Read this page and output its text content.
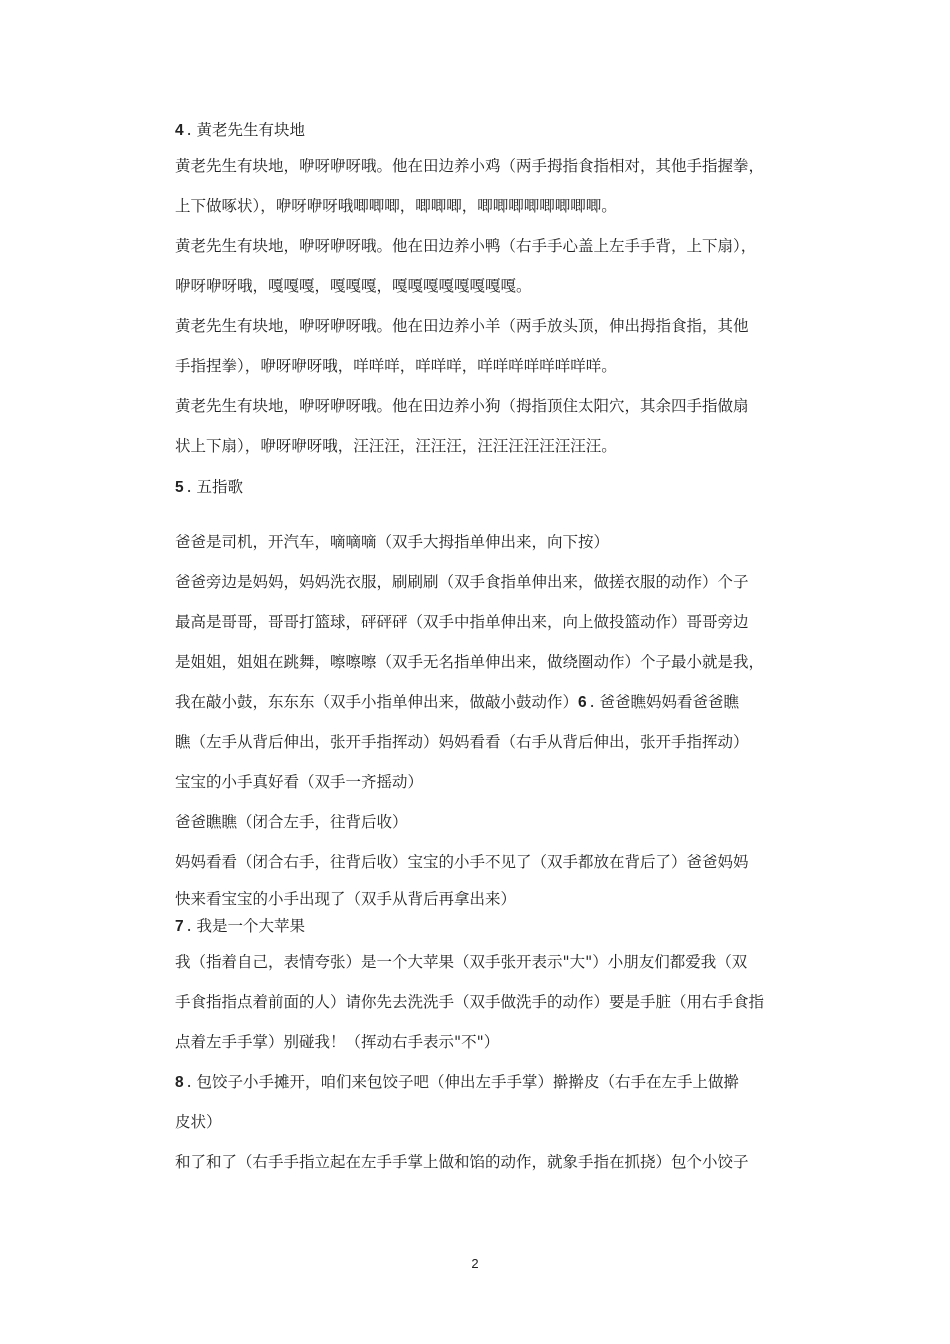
4 . 黄老先生有块地
黄老先生有块地，咿呀咿呀哦。他在田边养小鸡（两手拇指食指相对，其他手指握拳，
上下做啄状），咿呀咿呀哦唧唧唧，唧唧唧，唧唧唧唧唧唧唧唧。
黄老先生有块地，咿呀咿呀哦。他在田边养小鸭（右手手心盖上左手手背，上下扇），
咿呀咿呀哦，嘎嘎嘎，嘎嘎嘎，嘎嘎嘎嘎嘎嘎嘎嘎。
黄老先生有块地，咿呀咿呀哦。他在田边养小羊（两手放头顶，伸出拇指食指，其他
手指捏拳），咿呀咿呀哦，咩咩咩，咩咩咩，咩咩咩咩咩咩咩咩。
黄老先生有块地，咿呀咿呀哦。他在田边养小狗（拇指顶住太阳穴，其余四手指做扇
状上下扇），咿呀咿呀哦，汪汪汪，汪汪汪，汪汪汪汪汪汪汪汪。
5 . 五指歌
爸爸是司机，开汽车，嘀嘀嘀（双手大拇指单伸出来，向下按）
爸爸旁边是妈妈，妈妈洗衣服，刷刷刷（双手食指单伸出来，做搓衣服的动作）个子
最高是哥哥，哥哥打篮球，砰砰砰（双手中指单伸出来，向上做投篮动作）哥哥旁边
是姐姐，姐姐在跳舞，嚓嚓嚓（双手无名指单伸出来，做绕圈动作）个子最小就是我，
我在敲小鼓，东东东（双手小指单伸出来，做敲小鼓动作）6 . 爸爸瞧妈妈看爸爸瞧
瞧（左手从背后伸出，张开手指挥动）妈妈看看（右手从背后伸出，张开手指挥动）
宝宝的小手真好看（双手一齐摇动）
爸爸瞧瞧（闭合左手，往背后收）
妈妈看看（闭合右手，往背后收）宝宝的小手不见了（双手都放在背后了）爸爸妈妈
快来看宝宝的小手出现了（双手从背后再拿出来）
7 . 我是一个大苹果
我（指着自己，表情夸张）是一个大苹果（双手张开表示"大"）小朋友们都爱我（双
手食指指点着前面的人）请你先去洗洗手（双手做洗手的动作）要是手脏（用右手食指
点着左手手掌）别碰我！（挥动右手表示"不"）
8 . 包饺子小手摊开，咱们来包饺子吧（伸出左手手掌）擀擀皮（右手在左手上做擀
皮状）
和了和了（右手手指立起在左手手掌上做和馅的动作，就象手指在抓挠）包个小饺子
2
